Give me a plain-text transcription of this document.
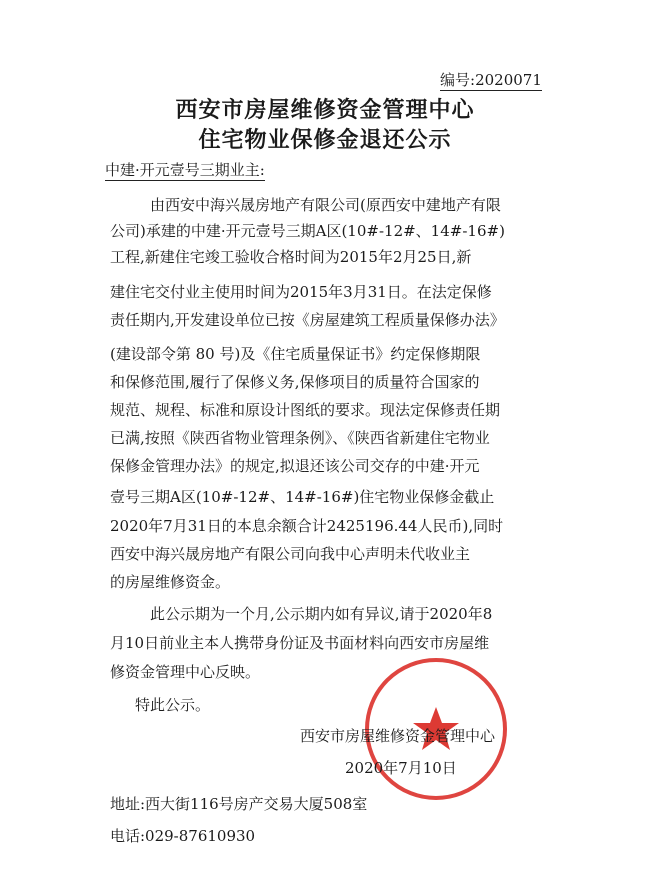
编号:2020071
西安市房屋维修资金管理中心
住宅物业保修金退还公示
中建·开元壹号三期业主:
由西安中海兴晟房地产有限公司(原西安中建地产有限
公司)承建的中建·开元壹号三期A区(10#-12#、14#-16#)
工程,新建住宅竣工验收合格时间为2015年2月25日,新
建住宅交付业主使用时间为2015年3月31日。在法定保修
责任期内,开发建设单位已按《房屋建筑工程质量保修办法》
(建设部令第 80 号)及《住宅质量保证书》约定保修期限
和保修范围,履行了保修义务,保修项目的质量符合国家的
规范、规程、标准和原设计图纸的要求。现法定保修责任期
已满,按照《陕西省物业管理条例》、《陕西省新建住宅物业
保修金管理办法》的规定,拟退还该公司交存的中建·开元
壹号三期A区(10#-12#、14#-16#)住宅物业保修金截止
2020年7月31日的本息余额合计2425196.44人民币),同时
西安中海兴晟房地产有限公司向我中心声明未代收业主
的房屋维修资金。
此公示期为一个月,公示期内如有异议,请于2020年8
月10日前业主本人携带身份证及书面材料向西安市房屋维
修资金管理中心反映。
特此公示。
西安市房屋维修资金管理中心
2020年7月10日
地址:西大街116号房产交易大厦508室
电话:029-87610930
